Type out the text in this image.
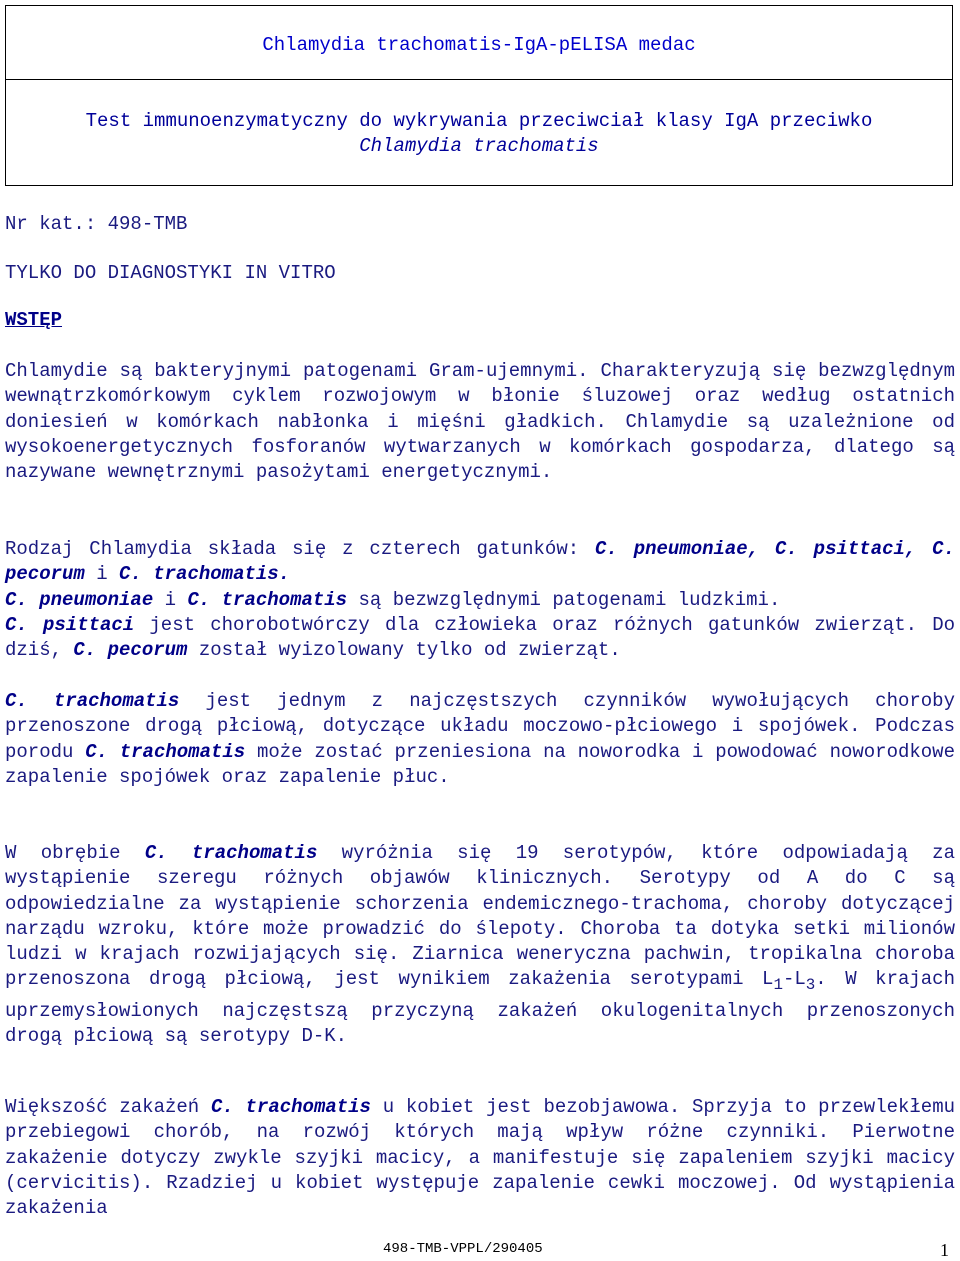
Chlamydia trachomatis-IgA-pELISA medac
Test immunoenzymatyczny do wykrywania przeciwciał klasy IgA przeciwko
Chlamydia trachomatis
Nr kat.: 498-TMB
TYLKO DO DIAGNOSTYKI IN VITRO
WSTĘP

Chlamydie są bakteryjnymi patogenami Gram-ujemnymi. Charakteryzują się bezwzględnym wewnątrzkomórkowym cyklem rozwojowym w błonie śluzowej oraz według ostatnich doniesień w komórkach nabłonka i mięśni gładkich. Chlamydie są uzależnione od wysokoenergetycznych fosforanów wytwarzanych w komórkach gospodarza, dlatego są nazywane wewnętrznymi pasożytami energetycznymi.

Rodzaj Chlamydia składa się z czterech gatunków: C. pneumoniae, C. psittaci, C. pecorum i C. trachomatis.
C. pneumoniae i C. trachomatis są bezwzględnymi patogenami ludzkimi.
C. psittaci jest chorobotwórczy dla człowieka oraz różnych gatunków zwierząt. Do dziś, C. pecorum został wyizolowany tylko od zwierząt.

C. trachomatis jest jednym z najczęstszych czynników wywołujących choroby przenoszone drogą płciową, dotyczące układu moczowo-płciowego i spojówek. Podczas porodu C. trachomatis może zostać przeniesiona na noworodka i powodować noworodkowe zapalenie spojówek oraz zapalenie płuc.

W obrębie C. trachomatis wyróżnia się 19 serotypów, które odpowiadają za wystąpienie szeregu różnych objawów klinicznych. Serotypy od A do C są odpowiedzialne za wystąpienie schorzenia endemicznego-trachoma, choroby dotyczącej narządu wzroku, które może prowadzić do ślepoty. Choroba ta dotyka setki milionów ludzi w krajach rozwijających się. Ziarnica weneryczna pachwin, tropikalna choroba przenoszona drogą płciową, jest wynikiem zakażenia serotypami $L_1-L_3$. W krajach uprzemysłowionych najczęstszą przyczyną zakażeń okulogenitalnych przenoszonych drogą płciową są serotypy D-K.

Większość zakażeń C. trachomatis u kobiet jest bezobjawowa. Sprzyja to przewlekłemu przebiegowi chorób, na rozwój których mają wpływ różne czynniki. Pierwotne zakażenie dotyczy zwykle szyjki macicy, a manifestuje się zapaleniem szyjki macicy (cervicitis). Rzadziej u kobiet występuje zapalenie cewki moczowej. Od wystąpienia zakażenia

498-TMB-VPPL/290405	1
